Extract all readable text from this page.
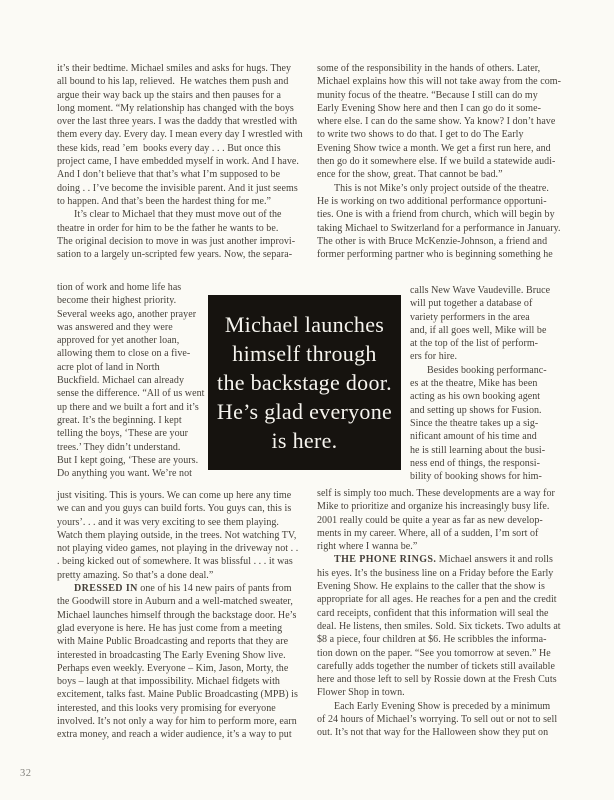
it’s their bedtime. Michael smiles and asks for hugs. They
all bound to his lap, relieved.  He watches them push and
argue their way back up the stairs and then pauses for a
long moment. “My relationship has changed with the boys
over the last three years. I was the daddy that wrestled with
them every day. Every day. I mean every day I wrestled with
these kids, read ’em  books every day . . . But once this
project came, I have embedded myself in work. And I have.
And I don’t believe that that’s what I’m supposed to be
doing . . I’ve become the invisible parent. And it just seems
to happen. And that’s been the hardest thing for me.”
It’s clear to Michael that they must move out of the
theatre in order for him to be the father he wants to be.
The original decision to move in was just another improvi-
sation to a largely un-scripted few years. Now, the separa-
tion of work and home life has
become their highest priority.
Several weeks ago, another prayer
was answered and they were
approved for yet another loan,
allowing them to close on a five-
acre plot of land in North
Buckfield. Michael can already
sense the difference. “All of us went
up there and we built a fort and it’s
great. It’s the beginning. I kept
telling the boys, ‘These are your
trees.’ They didn’t understand.
But I kept going, ‘These are yours.
Do anything you want. We’re not
just visiting. This is yours. We can come up here any time
we can and you guys can build forts. You guys can, this is
yours’. . . and it was very exciting to see them playing.
Watch them playing outside, in the trees. Not watching TV,
not playing video games, not playing in the driveway not . .
. being kicked out of somewhere. It was blissful . . . it was
pretty amazing. So that’s a done deal.”
DRESSED IN one of his 14 new pairs of pants from
the Goodwill store in Auburn and a well-matched sweater,
Michael launches himself through the backstage door. He’s
glad everyone is here. He has just come from a meeting
with Maine Public Broadcasting and reports that they are
interested in broadcasting The Early Evening Show live.
Perhaps even weekly. Everyone – Kim, Jason, Morty, the
boys – laugh at that impossibility. Michael fidgets with
excitement, talks fast. Maine Public Broadcasting (MPB) is
interested, and this looks very promising for everyone
involved. It’s not only a way for him to perform more, earn
extra money, and reach a wider audience, it’s a way to put
some of the responsibility in the hands of others. Later,
Michael explains how this will not take away from the com-
munity focus of the theatre. “Because I still can do my
Early Evening Show here and then I can go do it some-
where else. I can do the same show. Ya know? I don’t have
to write two shows to do that. I get to do The Early
Evening Show twice a month. We get a first run here, and
then go do it somewhere else. If we build a statewide audi-
ence for the show, great. That cannot be bad.”
This is not Mike’s only project outside of the theatre.
He is working on two additional performance opportuni-
ties. One is with a friend from church, which will begin by
taking Michael to Switzerland for a performance in January.
The other is with Bruce McKenzie-Johnson, a friend and
former performing partner who is beginning something he
calls New Wave Vaudeville. Bruce
will put together a database of
variety performers in the area
and, if all goes well, Mike will be
at the top of the list of perform-
ers for hire.
Besides booking performanc-
es at the theatre, Mike has been
acting as his own booking agent
and setting up shows for Fusion.
Since the theatre takes up a sig-
nificant amount of his time and
he is still learning about the busi-
ness end of things, the responsi-
bility of booking shows for him-
self is simply too much. These developments are a way for
Mike to prioritize and organize his increasingly busy life.
2001 really could be quite a year as far as new develop-
ments in my career. Where, all of a sudden, I’m sort of
right where I wanna be.”
THE PHONE RINGS. Michael answers it and rolls
his eyes. It’s the business line on a Friday before the Early
Evening Show. He explains to the caller that the show is
appropriate for all ages. He reaches for a pen and the credit
card receipts, confident that this information will seal the
deal. He listens, then smiles. Sold. Six tickets. Two adults at
$8 a piece, four children at $6. He scribbles the informa-
tion down on the paper. “See you tomorrow at seven.” He
carefully adds together the number of tickets still available
here and those left to sell by Rossie down at the Fresh Cuts
Flower Shop in town.
Each Early Evening Show is preceded by a minimum
of 24 hours of Michael’s worrying. To sell out or not to sell
out. It’s not that way for the Halloween show they put on
Michael launches
himself through
the backstage door.
He’s glad everyone
is here.
32
